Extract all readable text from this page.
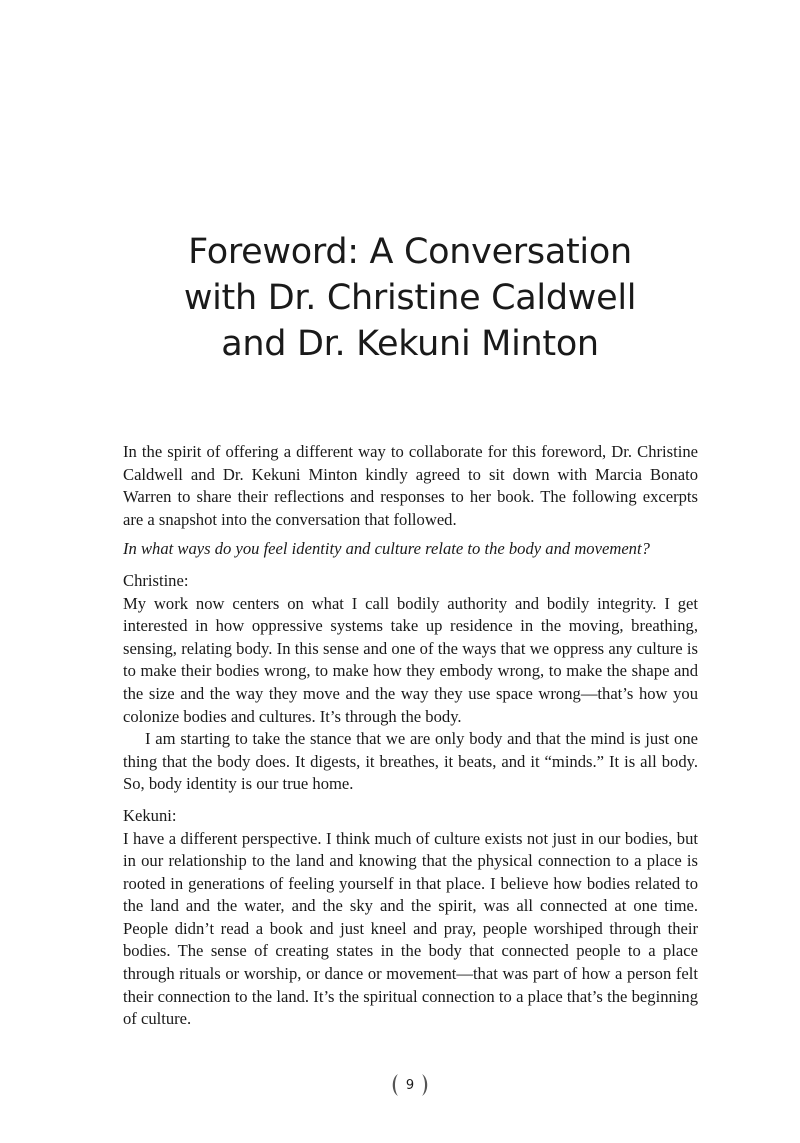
Foreword: A Conversation
with Dr. Christine Caldwell
and Dr. Kekuni Minton

In the spirit of offering a different way to collaborate for this foreword, Dr. Christine Caldwell and Dr. Kekuni Minton kindly agreed to sit down with Marcia Bonato Warren to share their reflections and responses to her book. The following excerpts are a snapshot into the conversation that followed.

In what ways do you feel identity and culture relate to the body and movement?

Christine:

My work now centers on what I call bodily authority and bodily integrity. I get interested in how oppressive systems take up residence in the moving, breathing, sensing, relating body. In this sense and one of the ways that we oppress any culture is to make their bodies wrong, to make how they embody wrong, to make the shape and the size and the way they move and the way they use space wrong—that’s how you colonize bodies and cultures. It’s through the body.

I am starting to take the stance that we are only body and that the mind is just one thing that the body does. It digests, it breathes, it beats, and it “minds.” It is all body. So, body identity is our true home.

Kekuni:

I have a different perspective. I think much of culture exists not just in our bodies, but in our relationship to the land and knowing that the physical connection to a place is rooted in generations of feeling yourself in that place. I believe how bodies related to the land and the water, and the sky and the spirit, was all connected at one time. People didn’t read a book and just kneel and pray, people worshiped through their bodies. The sense of creating states in the body that connected people to a place through rituals or worship, or dance or movement—that was part of how a person felt their connection to the land. It’s the spiritual connection to a place that’s the beginning of culture.

9
